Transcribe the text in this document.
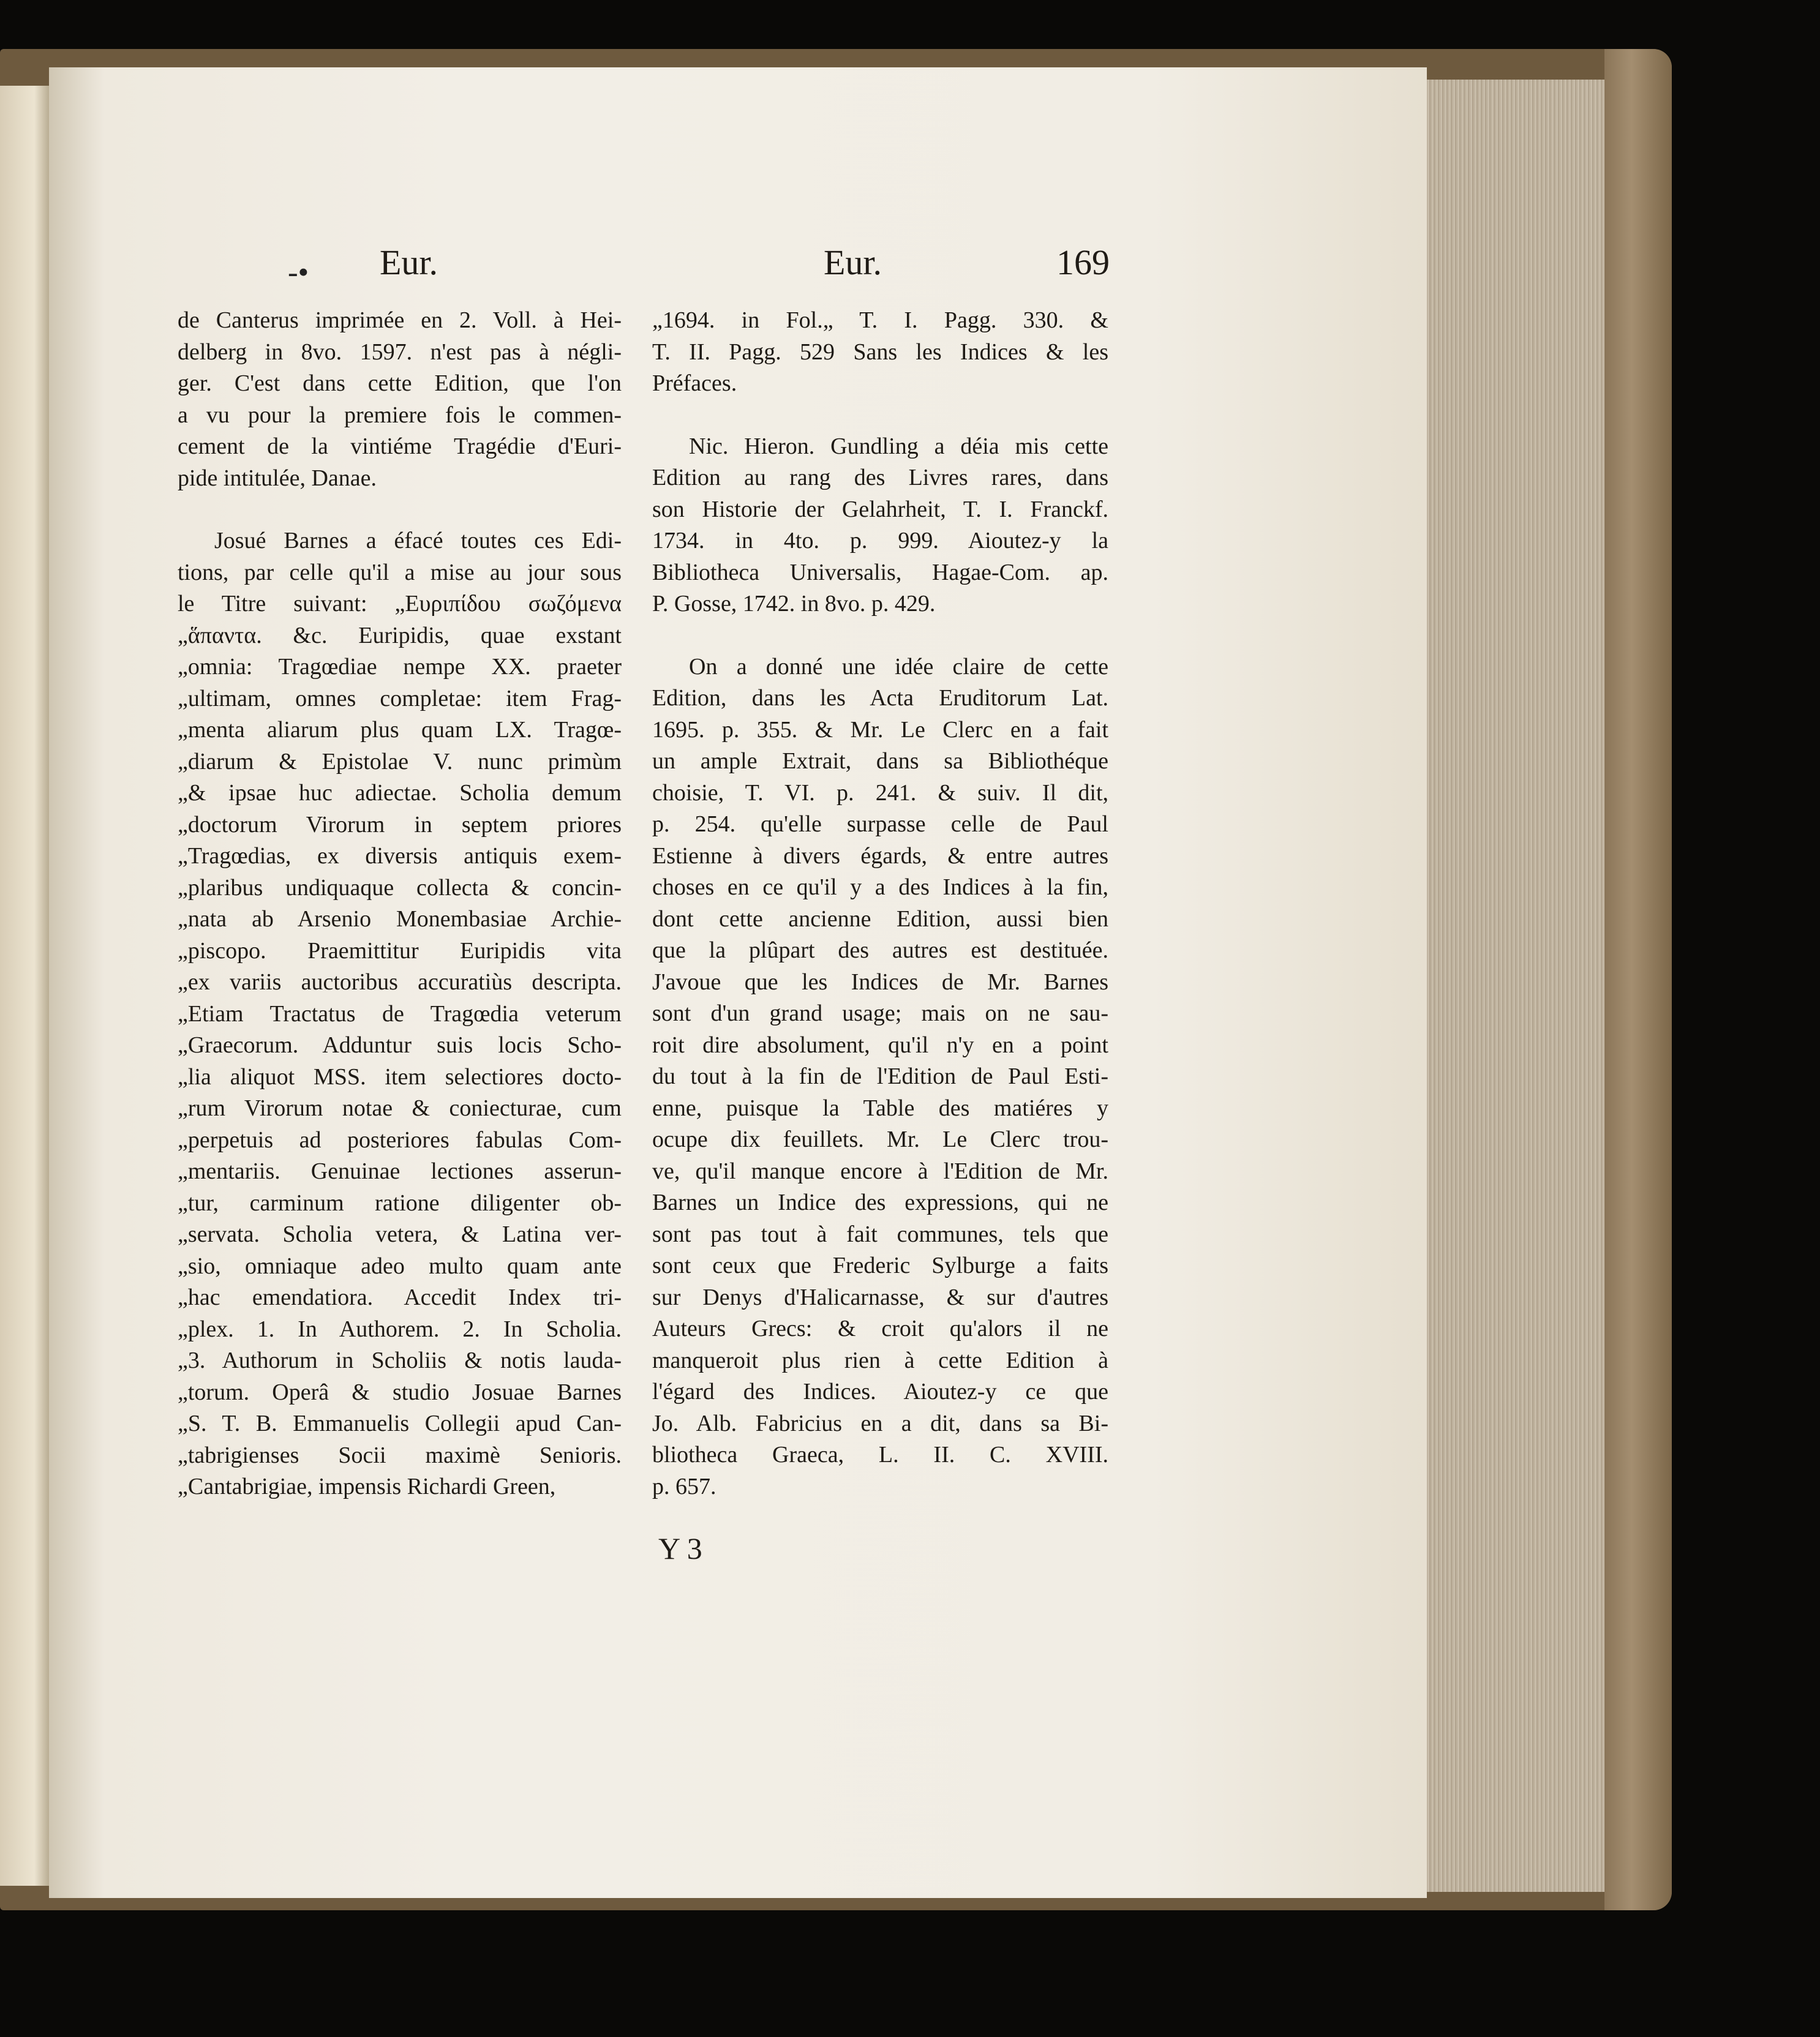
-• Eur.	Eur.	169

de Canterus imprimée en 2. Voll. à Hei-
delberg in 8vo. 1597. n'est pas à négli-
ger. C'est dans cette Edition, que l'on
a vu pour la premiere fois le commen-
cement de la vintiéme Tragédie d'Euri-
pide intitulée, Danae.

Josué Barnes a éfacé toutes ces Edi-
tions, par celle qu'il a mise au jour sous
le Titre suivant: „Ευριπίδου σωζόμενα
„ἅπαντα. &c. Euripidis, quae exstant
„omnia: Tragœdiae nempe XX. praeter
„ultimam, omnes completae: item Frag-
„menta aliarum plus quam LX. Tragœ-
„diarum & Epistolae V. nunc primùm
„& ipsae huc adiectae. Scholia demum
„doctorum Virorum in septem priores
„Tragœdias, ex diversis antiquis exem-
„plaribus undiquaque collecta & concin-
„nata ab Arsenio Monembasiae Archie-
„piscopo. Praemittitur Euripidis vita
„ex variis auctoribus accuratiùs descripta.
„Etiam Tractatus de Tragœdia veterum
„Graecorum. Adduntur suis locis Scho-
„lia aliquot MSS. item selectiores docto-
„rum Virorum notae & coniecturae, cum
„perpetuis ad posteriores fabulas Com-
„mentariis. Genuinae lectiones asserun-
„tur, carminum ratione diligenter ob-
„servata. Scholia vetera, & Latina ver-
„sio, omniaque adeo multo quam ante
„hac emendatiora. Accedit Index tri-
„plex. 1. In Authorem. 2. In Scholia.
„3. Authorum in Scholiis & notis lauda-
„torum. Operâ & studio Josuae Barnes
„S. T. B. Emmanuelis Collegii apud Can-
„tabrigienses Socii maximè Senioris.
„Cantabrigiae, impensis Richardi Green,

„1694. in Fol.„ T. I. Pagg. 330. &
T. II. Pagg. 529 Sans les Indices & les
Préfaces.

Nic. Hieron. Gundling a déia mis cette
Edition au rang des Livres rares, dans
son Historie der Gelahrheit, T. I. Franckf.
1734. in 4to. p. 999. Aioutez-y la
Bibliotheca Universalis, Hagae-Com. ap.
P. Gosse, 1742. in 8vo. p. 429.

On a donné une idée claire de cette
Edition, dans les Acta Eruditorum Lat.
1695. p. 355. & Mr. Le Clerc en a fait
un ample Extrait, dans sa Bibliothéque
choisie, T. VI. p. 241. & suiv. Il dit,
p. 254. qu'elle surpasse celle de Paul
Estienne à divers égards, & entre autres
choses en ce qu'il y a des Indices à la fin,
dont cette ancienne Edition, aussi bien
que la plûpart des autres est destituée.
J'avoue que les Indices de Mr. Barnes
sont d'un grand usage; mais on ne sau-
roit dire absolument, qu'il n'y en a point
du tout à la fin de l'Edition de Paul Esti-
enne, puisque la Table des matiéres y
ocupe dix feuillets. Mr. Le Clerc trou-
ve, qu'il manque encore à l'Edition de Mr.
Barnes un Indice des expressions, qui ne
sont pas tout à fait communes, tels que
sont ceux que Frederic Sylburge a faits
sur Denys d'Halicarnasse, & sur d'autres
Auteurs Grecs: & croit qu'alors il ne
manqueroit plus rien à cette Edition à
l'égard des Indices. Aioutez-y ce que
Jo. Alb. Fabricius en a dit, dans sa Bi-
bliotheca Graeca, L. II. C. XVIII.
p. 657.

Y 3
